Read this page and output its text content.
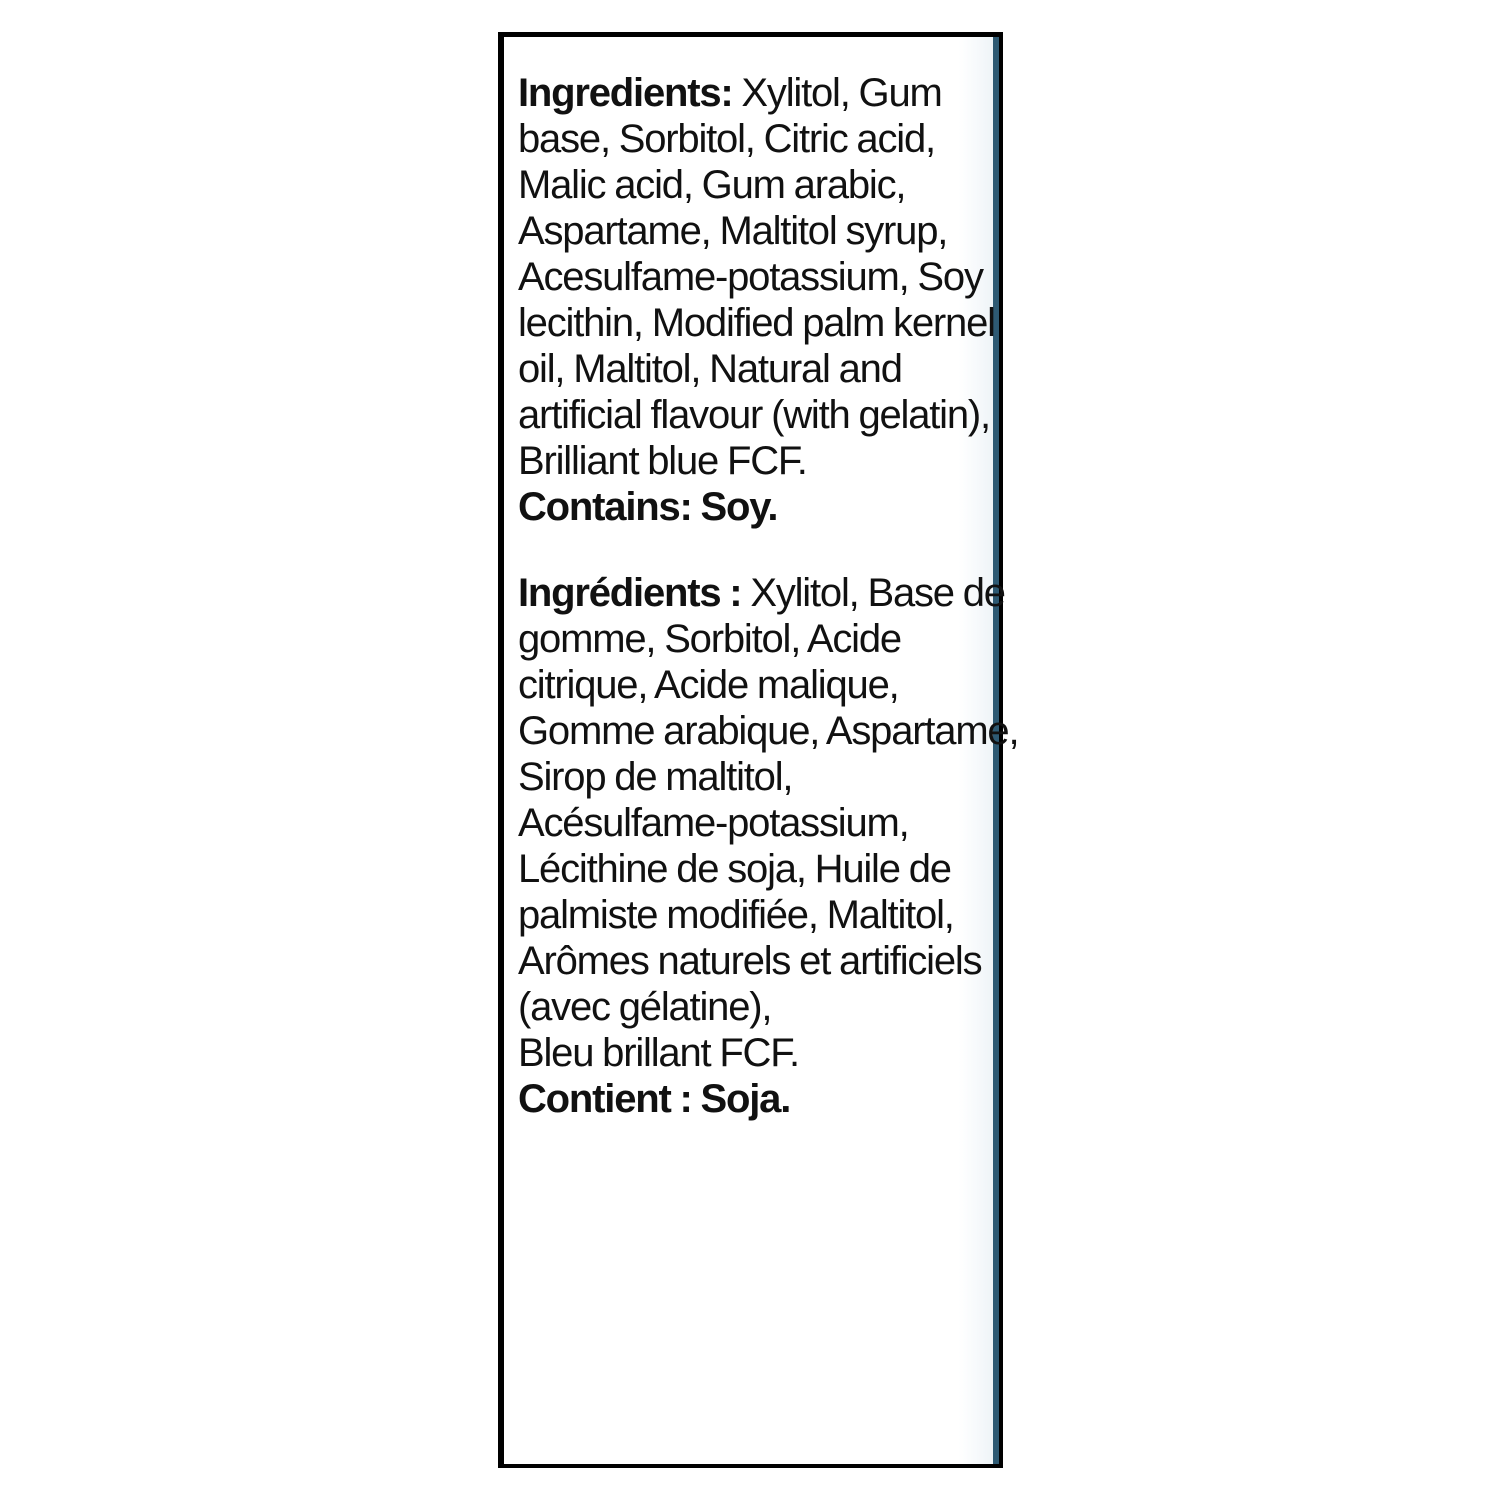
Ingredients: Xylitol, Gum
base, Sorbitol, Citric acid,
Malic acid, Gum arabic,
Aspartame, Maltitol syrup,
Acesulfame-potassium, Soy
lecithin, Modified palm kernel
oil, Maltitol, Natural and
artificial flavour (with gelatin),
Brilliant blue FCF.
Contains: Soy.
Ingrédients : Xylitol, Base de
gomme, Sorbitol, Acide
citrique, Acide malique,
Gomme arabique, Aspartame,
Sirop de maltitol,
Acésulfame-potassium,
Lécithine de soja, Huile de
palmiste modifiée, Maltitol,
Arômes naturels et artificiels
(avec gélatine),
Bleu brillant FCF.
Contient : Soja.
